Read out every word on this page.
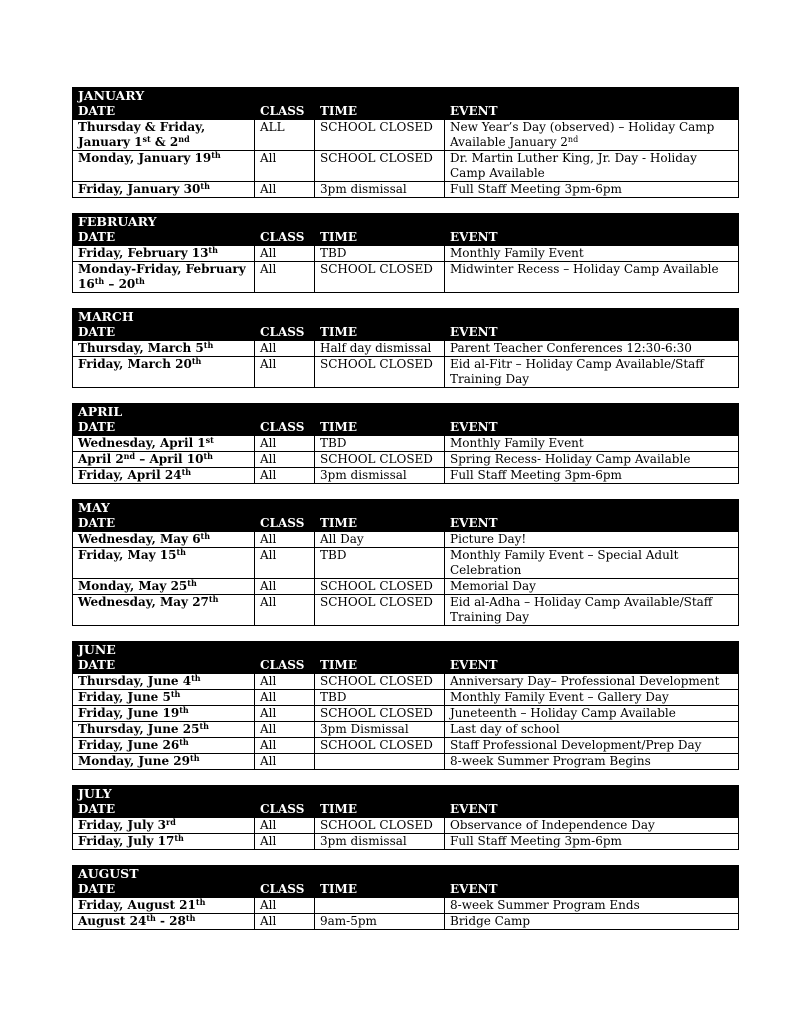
JANUARY			
DATE	CLASS	TIME	EVENT
Thursday & Friday, January 1st & 2nd	ALL	SCHOOL CLOSED	New Year’s Day (observed) – Holiday Camp Available January 2nd
Monday, January 19th	All	SCHOOL CLOSED	Dr. Martin Luther King, Jr. Day - Holiday Camp Available
Friday, January 30th	All	3pm dismissal	Full Staff Meeting 3pm-6pm
FEBRUARY			
DATE	CLASS	TIME	EVENT
Friday, February 13th	All	TBD	Monthly Family Event
Monday-Friday, February 16th – 20th	All	SCHOOL CLOSED	Midwinter Recess – Holiday Camp Available
MARCH			
DATE	CLASS	TIME	EVENT
Thursday, March 5th	All	Half day dismissal	Parent Teacher Conferences 12:30-6:30
Friday, March 20th	All	SCHOOL CLOSED	Eid al-Fitr – Holiday Camp Available/Staff Training Day
APRIL			
DATE	CLASS	TIME	EVENT
Wednesday, April 1st	All	TBD	Monthly Family Event
April 2nd – April 10th	All	SCHOOL CLOSED	Spring Recess- Holiday Camp Available
Friday, April 24th	All	3pm dismissal	Full Staff Meeting 3pm-6pm
MAY			
DATE	CLASS	TIME	EVENT
Wednesday, May 6th	All	All Day	Picture Day!
Friday, May 15th	All	TBD	Monthly Family Event – Special Adult Celebration
Monday, May 25th	All	SCHOOL CLOSED	Memorial Day
Wednesday, May 27th	All	SCHOOL CLOSED	Eid al-Adha – Holiday Camp Available/Staff Training Day
JUNE			
DATE	CLASS	TIME	EVENT
Thursday, June 4th	All	SCHOOL CLOSED	Anniversary Day– Professional Development
Friday, June 5th	All	TBD	Monthly Family Event – Gallery Day
Friday, June 19th	All	SCHOOL CLOSED	Juneteenth – Holiday Camp Available
Thursday, June 25th	All	3pm Dismissal	Last day of school
Friday, June 26th	All	SCHOOL CLOSED	Staff Professional Development/Prep Day
Monday, June 29th	All		8-week Summer Program Begins
JULY			
DATE	CLASS	TIME	EVENT
Friday, July 3rd	All	SCHOOL CLOSED	Observance of Independence Day
Friday, July 17th	All	3pm dismissal	Full Staff Meeting 3pm-6pm
AUGUST			
DATE	CLASS	TIME	EVENT
Friday, August 21th	All		8-week Summer Program Ends
August 24th - 28th	All	9am-5pm	Bridge Camp
